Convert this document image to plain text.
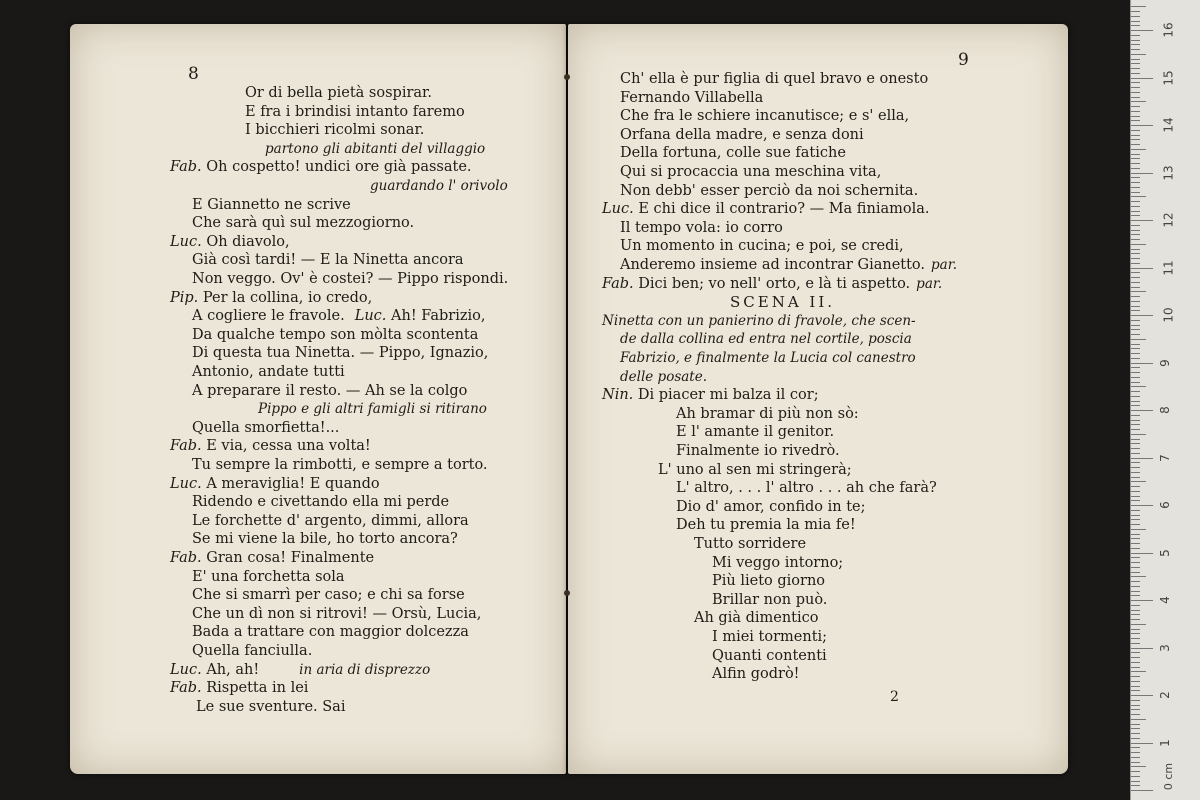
8
Or di bella pietà sospirar.
E fra i brindisi intanto faremo
I bicchieri ricolmi sonar.
partono gli abitanti del villaggio
Fab. Oh cospetto! undici ore già passate.
guardando l' orivolo
E Giannetto ne scrive
Che sarà quì sul mezzogiorno.
Luc. Oh diavolo,
Già così tardi! — E la Ninetta ancora
Non veggo. Ov' è costei? — Pippo rispondi.
Pip. Per la collina, io credo,
A cogliere le fravole. Luc. Ah! Fabrizio,
Da qualche tempo son mòlta scontenta
Di questa tua Ninetta. — Pippo, Ignazio,
Antonio, andate tutti
A preparare il resto. — Ah se la colgo
Pippo e gli altri famigli si ritirano
Quella smorfietta!...
Fab. E via, cessa una volta!
Tu sempre la rimbotti, e sempre a torto.
Luc. A meraviglia! E quando
Ridendo e civettando ella mi perde
Le forchette d' argento, dimmi, allora
Se mi viene la bile, ho torto ancora?
Fab. Gran cosa! Finalmente
E' una forchetta sola
Che si smarrì per caso; e chi sa forse
Che un dì non si ritrovi! — Orsù, Lucia,
Bada a trattare con maggior dolcezza
Quella fanciulla.
Luc. Ah, ah!	in aria di disprezzo
Fab. Rispetta in lei
Le sue sventure. Sai
9
2
Ch' ella è pur figlia di quel bravo e onesto
Fernando Villabella
Che fra le schiere incanutisce; e s' ella,
Orfana della madre, e senza doni
Della fortuna, colle sue fatiche
Qui si procaccia una meschina vita,
Non debb' esser perciò da noi schernita.
Luc. E chi dice il contrario? — Ma finiamola.
Il tempo vola: io corro
Un momento in cucina; e poi, se credi,
Anderemo insieme ad incontrar Gianetto. par.
Fab. Dici ben; vo nell' orto, e là ti aspetto. par.
SCENA II.
Ninetta con un panierino di fravole, che scen-
de dalla collina ed entra nel cortile, poscia
Fabrizio, e finalmente la Lucia col canestro
delle posate.
Nin. Di piacer mi balza il cor;
Ah bramar di più non sò:
E l' amante il genitor.
Finalmente io rivedrò.
L' uno al sen mi stringerà;
L' altro, . . . l' altro . . . ah che farà?
Dio d' amor, confido in te;
Deh tu premia la mia fe!
Tutto sorridere
Mi veggo intorno;
Più lieto giorno
Brillar non può.
Ah già dimentico
I miei tormenti;
Quanti contenti
Alfin godrò!
1
2
3
4
5
6
7
8
9
10
11
12
13
14
15
16
0 cm
